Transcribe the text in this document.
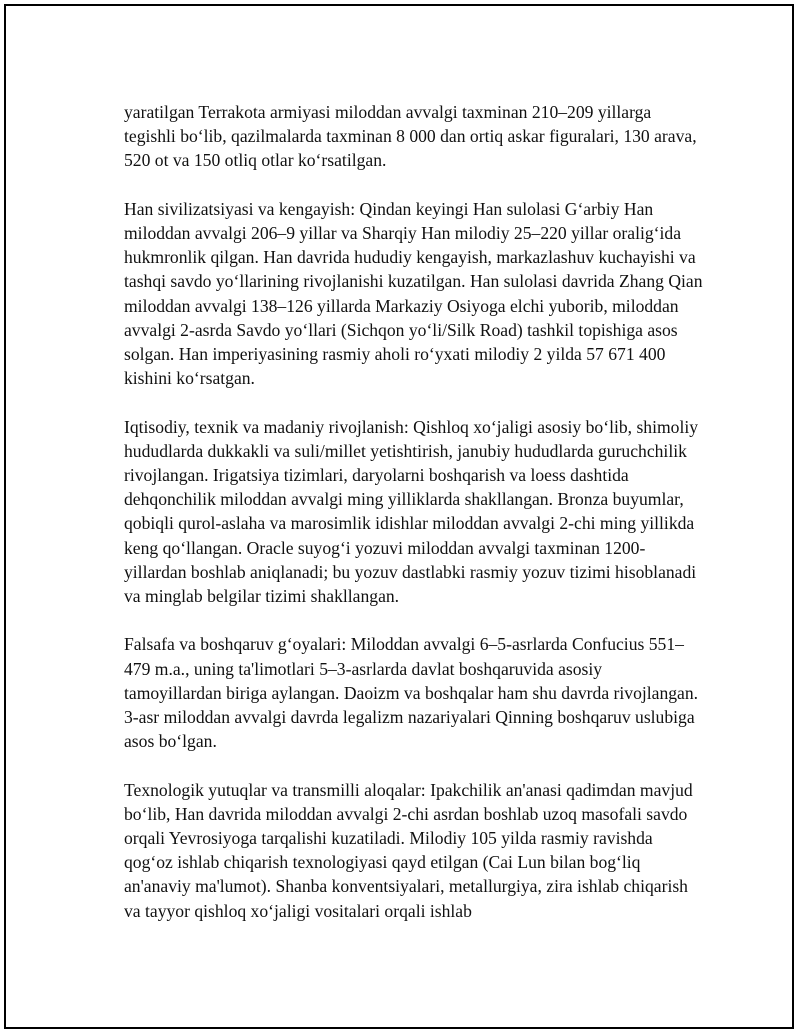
yaratilgan Terrakota armiyasi miloddan avvalgi taxminan 210–209 yillarga tegishli bo‘lib, qazilmalarda taxminan 8 000 dan ortiq askar figuralari, 130 arava, 520 ot va 150 otliq otlar ko‘rsatilgan.

Han sivilizatsiyasi va kengayish: Qindan keyingi Han sulolasi G‘arbiy Han miloddan avvalgi 206–9 yillar va Sharqiy Han milodiy 25–220 yillar oralig‘ida hukmronlik qilgan. Han davrida hududiy kengayish, markazlashuv kuchayishi va tashqi savdo yo‘llarining rivojlanishi kuzatilgan. Han sulolasi davrida Zhang Qian miloddan avvalgi 138–126 yillarda Markaziy Osiyoga elchi yuborib, miloddan avvalgi 2-asrda Savdo yo‘llari (Sichqon yo‘li/Silk Road) tashkil topishiga asos solgan. Han imperiyasining rasmiy aholi ro‘yxati milodiy 2 yilda 57 671 400 kishini ko‘rsatgan.

Iqtisodiy, texnik va madaniy rivojlanish: Qishloq xo‘jaligi asosiy bo‘lib, shimoliy hududlarda dukkakli va suli/millet yetishtirish, janubiy hududlarda guruchchilik rivojlangan. Irigatsiya tizimlari, daryolarni boshqarish va loess dashtida dehqonchilik miloddan avvalgi ming yilliklarda shakllangan. Bronza buyumlar, qobiqli qurol-aslaha va marosimlik idishlar miloddan avvalgi 2-chi ming yillikda keng qo‘llangan. Oracle suyog‘i yozuvi miloddan avvalgi taxminan 1200-yillardan boshlab aniqlanadi; bu yozuv dastlabki rasmiy yozuv tizimi hisoblanadi va minglab belgilar tizimi shakllangan.

Falsafa va boshqaruv g‘oyalari: Miloddan avvalgi 6–5-asrlarda Confucius 551–479 m.a., uning ta'limotlari 5–3-asrlarda davlat boshqaruvida asosiy tamoyillardan biriga aylangan. Daoizm va boshqalar ham shu davrda rivojlangan. 3-asr miloddan avvalgi davrda legalizm nazariyalari Qinning boshqaruv uslubiga asos bo‘lgan.

Texnologik yutuqlar va transmilli aloqalar: Ipakchilik an'anasi qadimdan mavjud bo‘lib, Han davrida miloddan avvalgi 2-chi asrdan boshlab uzoq masofali savdo orqali Yevrosiyoga tarqalishi kuzatiladi. Milodiy 105 yilda rasmiy ravishda qog‘oz ishlab chiqarish texnologiyasi qayd etilgan (Cai Lun bilan bog‘liq an'anaviy ma'lumot). Shanba konventsiyalari, metallurgiya, zira ishlab chiqarish va tayyor qishloq xo‘jaligi vositalari orqali ishlab
